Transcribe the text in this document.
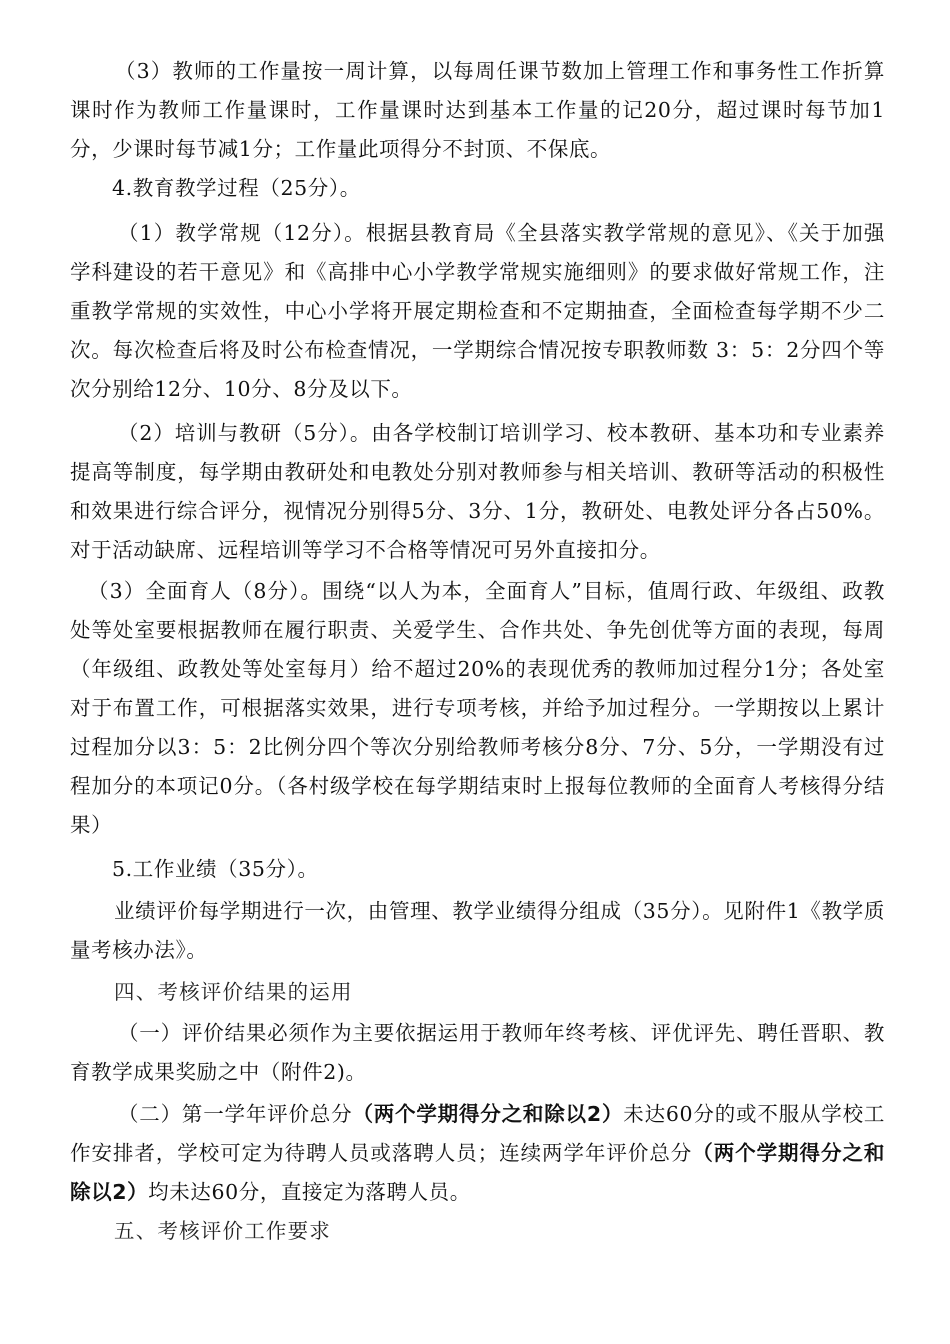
（3）教师的工作量按一周计算，以每周任课节数加上管理工作和事务性工作折算课时作为教师工作量课时，工作量课时达到基本工作量的记20分，超过课时每节加1分，少课时每节减1分；工作量此项得分不封顶、不保底。

4.教育教学过程（25分）。

（1）教学常规（12分）。根据县教育局《全县落实教学常规的意见》、《关于加强学科建设的若干意见》和《高排中心小学教学常规实施细则》的要求做好常规工作，注重教学常规的实效性，中心小学将开展定期检查和不定期抽查，全面检查每学期不少二次。每次检查后将及时公布检查情况，一学期综合情况按专职教师数 3：5：2分四个等次分别给12分、10分、8分及以下。

（2）培训与教研（5分）。由各学校制订培训学习、校本教研、基本功和专业素养提高等制度，每学期由教研处和电教处分别对教师参与相关培训、教研等活动的积极性和效果进行综合评分，视情况分别得5分、3分、1分，教研处、电教处评分各占50%。对于活动缺席、远程培训等学习不合格等情况可另外直接扣分。

（3）全面育人（8分）。围绕“以人为本，全面育人”目标，值周行政、年级组、政教处等处室要根据教师在履行职责、关爱学生、合作共处、争先创优等方面的表现，每周（年级组、政教处等处室每月）给不超过20%的表现优秀的教师加过程分1分；各处室对于布置工作，可根据落实效果，进行专项考核，并给予加过程分。一学期按以上累计过程加分以3：5：2比例分四个等次分别给教师考核分8分、7分、5分，一学期没有过程加分的本项记0分。（各村级学校在每学期结束时上报每位教师的全面育人考核得分结果）

5.工作业绩（35分）。

业绩评价每学期进行一次，由管理、教学业绩得分组成（35分）。见附件1《教学质量考核办法》。

四、考核评价结果的运用

（一）评价结果必须作为主要依据运用于教师年终考核、评优评先、聘任晋职、教育教学成果奖励之中（附件2)。

（二）第一学年评价总分（两个学期得分之和除以2）未达60分的或不服从学校工作安排者，学校可定为待聘人员或落聘人员；连续两学年评价总分（两个学期得分之和除以2）均未达60分，直接定为落聘人员。

五、考核评价工作要求
